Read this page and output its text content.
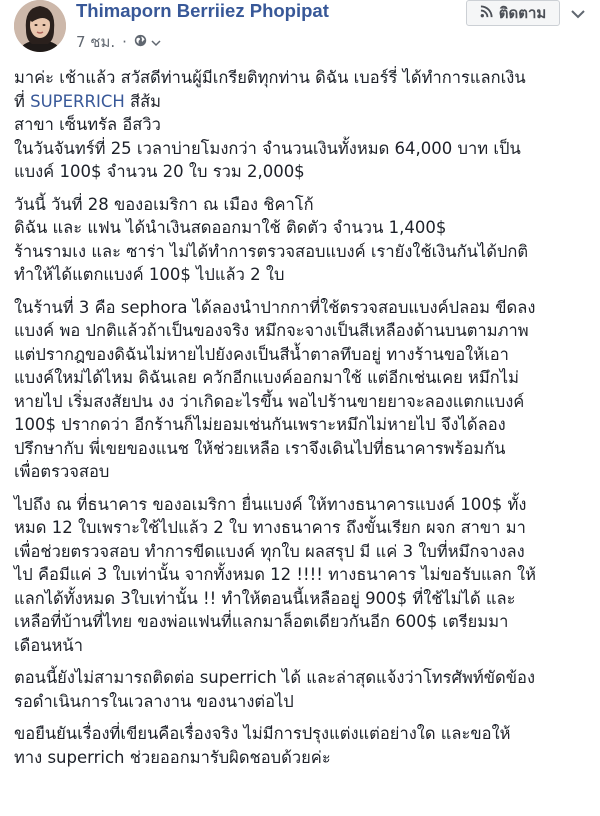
Thimaporn Berriiez Phopipat
7 ชม. ·
ติดตาม

มาค่ะ เช้าแล้ว สวัสดีท่านผู้มีเกรียติทุกท่าน ดิฉัน เบอร์รี่ ได้ทำการแลกเงิน
ที่ SUPERRICH สีส้ม
สาขา เซ็นทรัล อีสวิว
ในวันจันทร์ที่ 25 เวลาบ่ายโมงกว่า จำนวนเงินทั้งหมด 64,000 บาท เป็น
แบงค์ 100$ จำนวน 20 ใบ รวม 2,000$

วันนี้ วันที่ 28 ของอเมริกา ณ เมือง ชิคาโก้
ดิฉัน และ แฟน ได้นำเงินสดออกมาใช้ ติดตัว จำนวน 1,400$
ร้านรามเง และ ซาร่า ไม่ได้ทำการตรวจสอบแบงค์ เรายังใช้เงินกันได้ปกติ
ทำให้ได้แตกแบงค์ 100$ ไปแล้ว 2 ใบ

ในร้านที่ 3 คือ sephora ได้ลองนำปากกาที่ใช้ตรวจสอบแบงค์ปลอม ขีดลง
แบงค์ พอ ปกติแล้วถ้าเป็นของจริง หมึกจะจางเป็นสีเหลืองด้านบนตามภาพ
แต่ปรากฎของดิฉันไม่หายไปยังคงเป็นสีน้ำตาลทึบอยู่ ทางร้านขอให้เอา
แบงค์ใหม่ได้ไหม ดิฉันเลย ควักอีกแบงค์ออกมาใช้ แต่อีกเช่นเคย หมึกไม่
หายไป เริ่มสงสัยปน งง ว่าเกิดอะไรขึ้น พอไปร้านขายยาจะลองแตกแบงค์
100$ ปรากดว่า อีกร้านก็ไม่ยอมเช่นกันเพราะหมึกไม่หายไป จึงได้ลอง
ปรึกษากับ พี่เขยของแนช ให้ช่วยเหลือ เราจึงเดินไปที่ธนาคารพร้อมกัน
เพื่อตรวจสอบ

ไปถึง ณ ที่ธนาคาร ของอเมริกา ยื่นแบงค์ ให้ทางธนาคารแบงค์ 100$ ทั้ง
หมด 12 ใบเพราะใช้ไปแล้ว 2 ใบ ทางธนาคาร ถึงขั้นเรียก ผจก สาขา มา
เพื่อช่วยตรวจสอบ ทำการขีดแบงค์ ทุกใบ ผลสรุป มี แค่ 3 ใบที่หมึกจางลง
ไป คือมีแค่ 3 ใบเท่านั้น จากทั้งหมด 12 !!!! ทางธนาคาร ไม่ขอรับแลก ให้
แลกได้ทั้งหมด 3ใบเท่านั้น !! ทำให้ตอนนี้เหลืออยู่ 900$ ที่ใช้ไม่ได้ และ
เหลือที่บ้านที่ไทย ของพ่อแฟนที่แลกมาล็อตเดียวกันอีก 600$ เตรียมมา
เดือนหน้า

ตอนนี้ยังไม่สามารถติดต่อ superrich ได้ และล่าสุดแจ้งว่าโทรศัพท์ขัดข้อง
รอดำเนินการในเวลางาน ของนางต่อไป

ขอยืนยันเรื่องที่เขียนคือเรื่องจริง ไม่มีการปรุงแต่งแต่อย่างใด และขอให้
ทาง superrich ช่วยออกมารับผิดชอบด้วยค่ะ
